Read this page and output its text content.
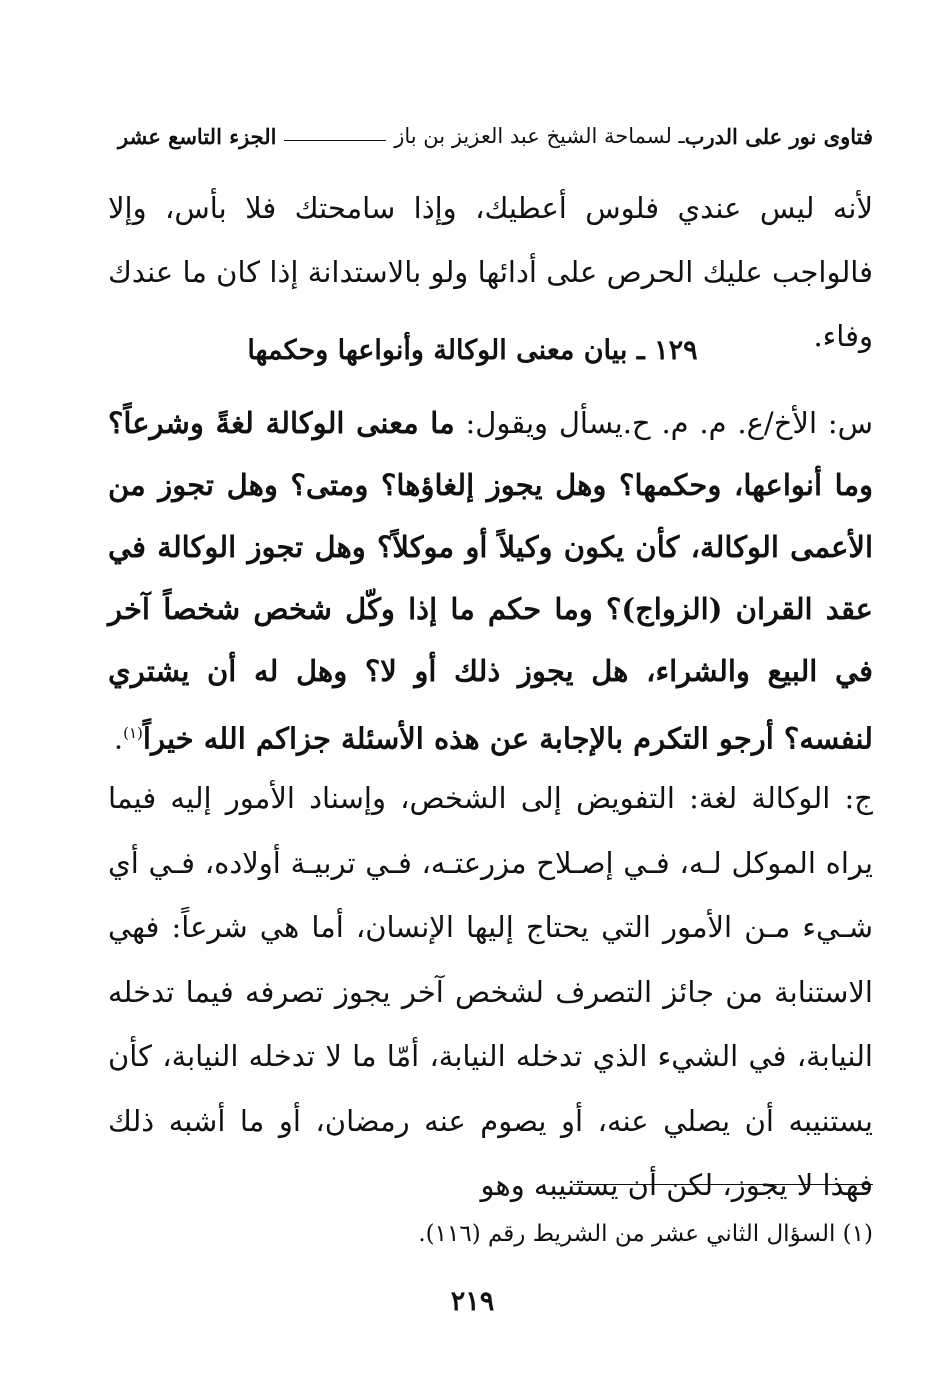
فتاوى نور على الدرب
ـ لسماحة الشيخ عبد العزيز بن باز
الجزء التاسع عشر
لأنه ليس عندي فلوس أعطيك، وإذا سامحتك فلا بأس، وإلا فالواجب عليك الحرص على أدائها ولو بالاستدانة إذا كان ما عندك وفاء.
١٢٩ ـ بيان معنى الوكالة وأنواعها وحكمها
س: الأخ/ع. م. م. ح.يسأل ويقول: ما معنى الوكالة لغةً وشرعاً؟ وما أنواعها، وحكمها؟ وهل يجوز إلغاؤها؟ ومتى؟ وهل تجوز من الأعمى الوكالة، كأن يكون وكيلاً أو موكلاً؟ وهل تجوز الوكالة في عقد القران (الزواج)؟ وما حكم ما إذا وكّل شخص شخصاً آخر في البيع والشراء، هل يجوز ذلك أو لا؟ وهل له أن يشتري لنفسه؟ أرجو التكرم بالإجابة عن هذه الأسئلة جزاكم الله خيراً$^{(١)}$.
ج: الوكالة لغة: التفويض إلى الشخص، وإسناد الأمور إليه فيما يراه الموكل لـه، فـي إصـلاح مزرعتـه، فـي تربيـة أولاده، فـي أي شـيء مـن الأمور التي يحتاج إليها الإنسان، أما هي شرعاً: فهي الاستنابة من جائز التصرف لشخص آخر يجوز تصرفه فيما تدخله النيابة، في الشيء الذي تدخله النيابة، أمّا ما لا تدخله النيابة، كأن يستنيبه أن يصلي عنه، أو يصوم عنه رمضان، أو ما أشبه ذلك فهذا لا يجوز، لكن أن يستنيبه وهو
(١) السؤال الثاني عشر من الشريط رقم (١١٦).
٢١٩
